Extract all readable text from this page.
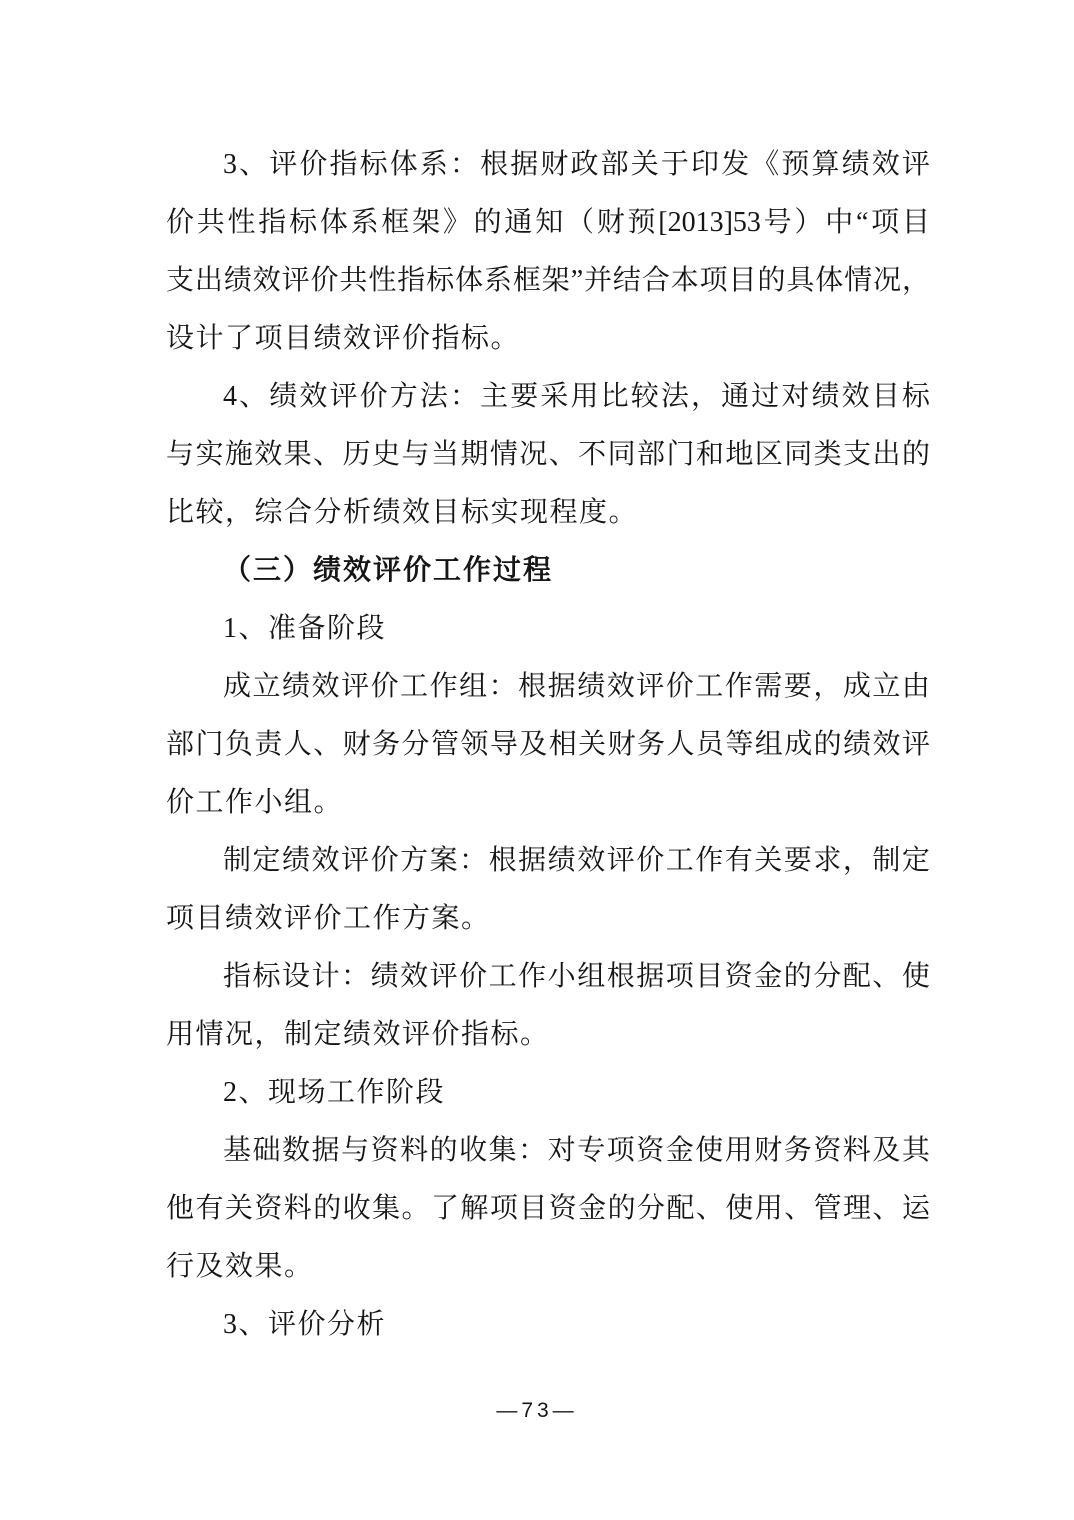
3 、 评 价 指 标 体 系 ： 根 据 财 政 部 关 于 印 发 《 预 算 绩 效 评
价 共 性 指 标 体 系 框 架 》 的 通 知 （ 财 预 [2013]53 号 ） 中 “ 项 目
支 出 绩 效 评 价 共 性 指 标 体 系 框 架 ” 并 结 合 本 项 目 的 具 体 情 况 ，
设计了项目绩效评价指标。
4 、 绩 效 评 价 方 法 ： 主 要 采 用 比 较 法 ， 通 过 对 绩 效 目 标
与 实 施 效 果 、 历 史 与 当 期 情 况 、 不 同 部 门 和 地 区 同 类 支 出 的
比较，综合分析绩效目标实现程度。
（三）绩效评价工作过程
1、准备阶段
成 立 绩 效 评 价 工 作 组 ： 根 据 绩 效 评 价 工 作 需 要 ， 成 立 由
部 门 负 责 人 、 财 务 分 管 领 导 及 相 关 财 务 人 员 等 组 成 的 绩 效 评
价工作小组。
制 定 绩 效 评 价 方 案 ： 根 据 绩 效 评 价 工 作 有 关 要 求 ， 制 定
项目绩效评价工作方案。
指 标 设 计 ： 绩 效 评 价 工 作 小 组 根 据 项 目 资 金 的 分 配 、 使
用情况，制定绩效评价指标。
2、现场工作阶段
基 础 数 据 与 资 料 的 收 集 ： 对 专 项 资 金 使 用 财 务 资 料 及 其
他 有 关 资 料 的 收 集 。 了 解 项 目 资 金 的 分 配 、 使 用 、 管 理 、 运
行及效果。
3、评价分析
—73—
